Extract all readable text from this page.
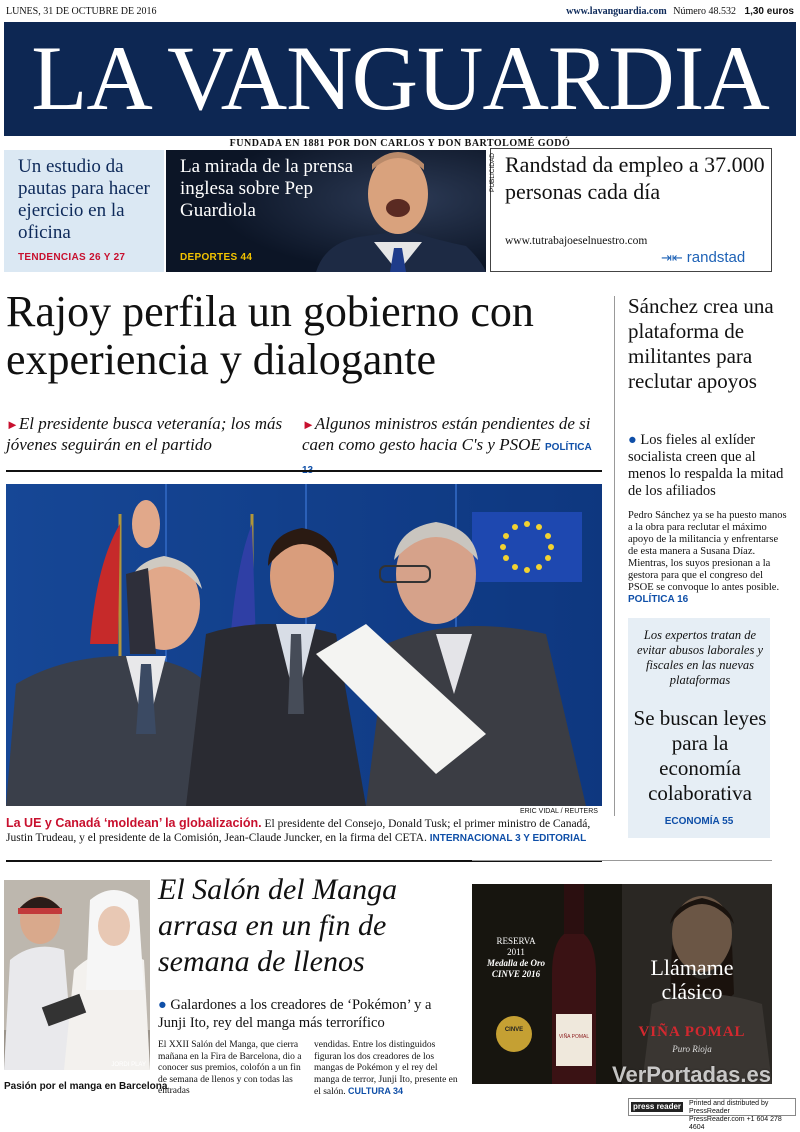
LUNES, 31 DE OCTUBRE DE 2016	www.lavanguardia.com Número 48.532 1,30 euros
LA VANGUARDIA
FUNDADA EN 1881 POR DON CARLOS Y DON BARTOLOMÉ GODÓ
Un estudio da pautas para hacer ejercicio en la oficina
TENDENCIAS 26 Y 27
La mirada de la prensa inglesa sobre Pep Guardiola
DEPORTES 44
PUBLICIDAD Randstad da empleo a 37.000 personas cada día
www.tutrabajoeselnuestro.com
⇥⇤ randstad
Rajoy perfila un gobierno con experiencia y dialogante
►El presidente busca veteranía; los más jóvenes seguirán en el partido
►Algunos ministros están pendientes de si caen como gesto hacia C's y PSOE POLÍTICA
ERIC VIDAL / REUTERS
La UE y Canadá ‘moldean’ la globalización. El presidente del Consejo, Donald Tusk; el primer ministro de Canadá, Justin Trudeau, y el presidente de la Comisión, Jean-Claude Juncker, en la firma del CETA. INTERNACIONAL 3 Y EDITORIAL
Sánchez crea una plataforma de militantes para reclutar apoyos
● Los fieles al exlíder socialista creen que al menos lo respalda la mitad de los afiliados
Pedro Sánchez ya se ha puesto manos a la obra para reclutar el máximo apoyo de la militancia y enfrentarse de esta manera a Susana Díaz. Mientras, los suyos presionan a la gestora para que el congreso del PSOE se convoque lo antes posible. POLÍTICA 16
Los expertos tratan de evitar abusos laborales y fiscales en las nuevas plataformas
Se buscan leyes para la economía colaborativa
ECONOMÍA 55
JORDI PLAY
Pasión por el manga en Barcelona
El Salón del Manga arrasa en un fin de semana de llenos
● Galardones a los creadores de ‘Pokémon’ y a Junji Ito, rey del manga más terrorífico
El XXII Salón del Manga, que cierra mañana en la Fira de Barcelona, dio a conocer sus premios, colofón a un fin de semana de llenos y con todas las entradas
vendidas. Entre los distinguidos figuran los dos creadores de los mangas de Pokémon y el rey del manga de terror, Junji Ito, presente en el salón. CULTURA 34
RESERVA
2011
Medalla de Oro
CINVE 2016
CINVE
VIÑA POMAL
Llámame
clásico
VIÑA POMAL
Puro Rioja
VerPortadas.es
press reader Printed and distributed by PressReader
PressReader.com +1 604 278 4604
